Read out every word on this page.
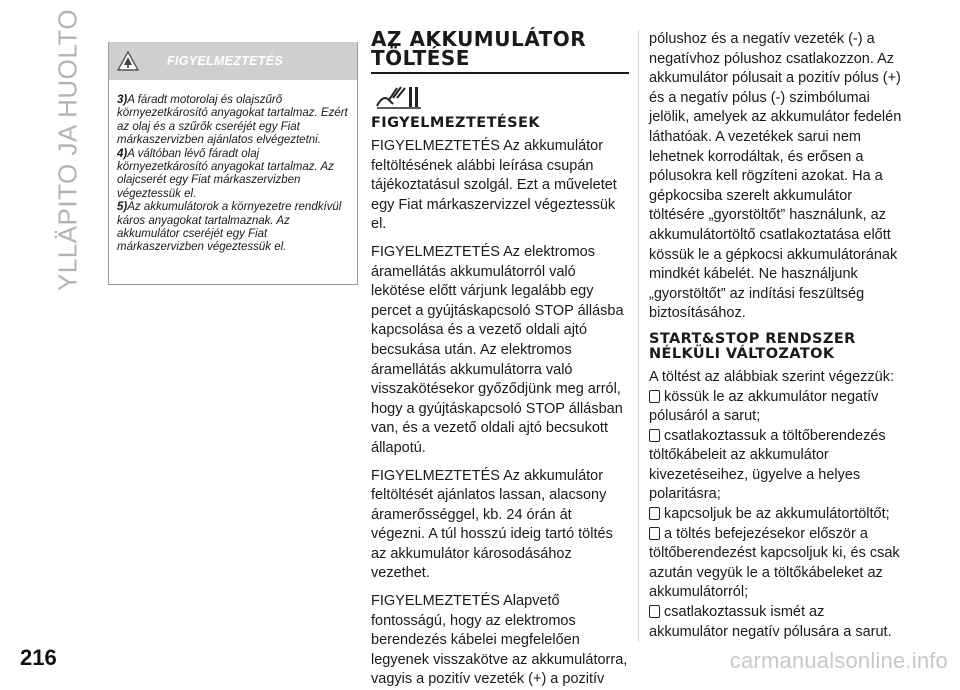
YLLÄPITO JA HUOLTO
216	carmanualsonline.info
FIGYELMEZTETÉS

3)A fáradt motorolaj és olajszűrő környezetkárosító anyagokat tartalmaz. Ezért az olaj és a szűrők cseréjét egy Fiat márkaszervizben ajánlatos elvégeztetni.

4)A váltóban lévő fáradt olaj környezetkárosító anyagokat tartalmaz. Az olajcserét egy Fiat márkaszervizben végeztessük el.

5)Az akkumulátorok a környezetre rendkívül káros anyagokat tartalmaznak. Az akkumulátor cseréjét egy Fiat márkaszervizben végeztessük el.

AZ AKKUMULÁTOR TÖLTÉSE
FIGYELMEZTETÉSEK

FIGYELMEZTETÉS Az akkumulátor feltöltésének alábbi leírása csupán tájékoztatásul szolgál. Ezt a műveletet egy Fiat márkaszervizzel végeztessük el.

FIGYELMEZTETÉS Az elektromos áramellátás akkumulátorról való lekötése előtt várjunk legalább egy percet a gyújtáskapcsoló STOP állásba kapcsolása és a vezető oldali ajtó becsukása után. Az elektromos áramellátás akkumulátorra való visszakötésekor győződjünk meg arról, hogy a gyújtáskapcsoló STOP állásban van, és a vezető oldali ajtó becsukott állapotú.

FIGYELMEZTETÉS Az akkumulátor feltöltését ajánlatos lassan, alacsony áramerősséggel, kb. 24 órán át végezni. A túl hosszú ideig tartó töltés az akkumulátor károsodásához vezethet.

FIGYELMEZTETÉS Alapvető fontosságú, hogy az elektromos berendezés kábelei megfelelően legyenek visszakötve az akkumulátorra, vagyis a pozitív vezeték (+) a pozitív

pólushoz és a negatív vezeték (-) a negatívhoz pólushoz csatlakozzon. Az akkumulátor pólusait a pozitív pólus (+) és a negatív pólus (-) szimbólumai jelölik, amelyek az akkumulátor fedelén láthatóak. A vezetékek sarui nem lehetnek korrodáltak, és erősen a pólusokra kell rögzíteni azokat. Ha a gépkocsiba szerelt akkumulátor töltésére „gyorstöltőt” használunk, az akkumulátortöltő csatlakoztatása előtt kössük le a gépkocsi akkumulátorának mindkét kábelét. Ne használjunk „gyorstöltőt” az indítási feszültség biztosításához.

START&STOP RENDSZER NÉLKÜLI VÁLTOZATOK

A töltést az alábbiak szerint végezzük:

kössük le az akkumulátor negatív pólusáról a sarut;

csatlakoztassuk a töltőberendezés töltőkábeleit az akkumulátor kivezetéseihez, ügyelve a helyes polaritásra;

kapcsoljuk be az akkumulátortöltőt;

a töltés befejezésekor először a töltőberendezést kapcsoljuk ki, és csak azután vegyük le a töltőkábeleket az akkumulátorról;

csatlakoztassuk ismét az akkumulátor negatív pólusára a sarut.
